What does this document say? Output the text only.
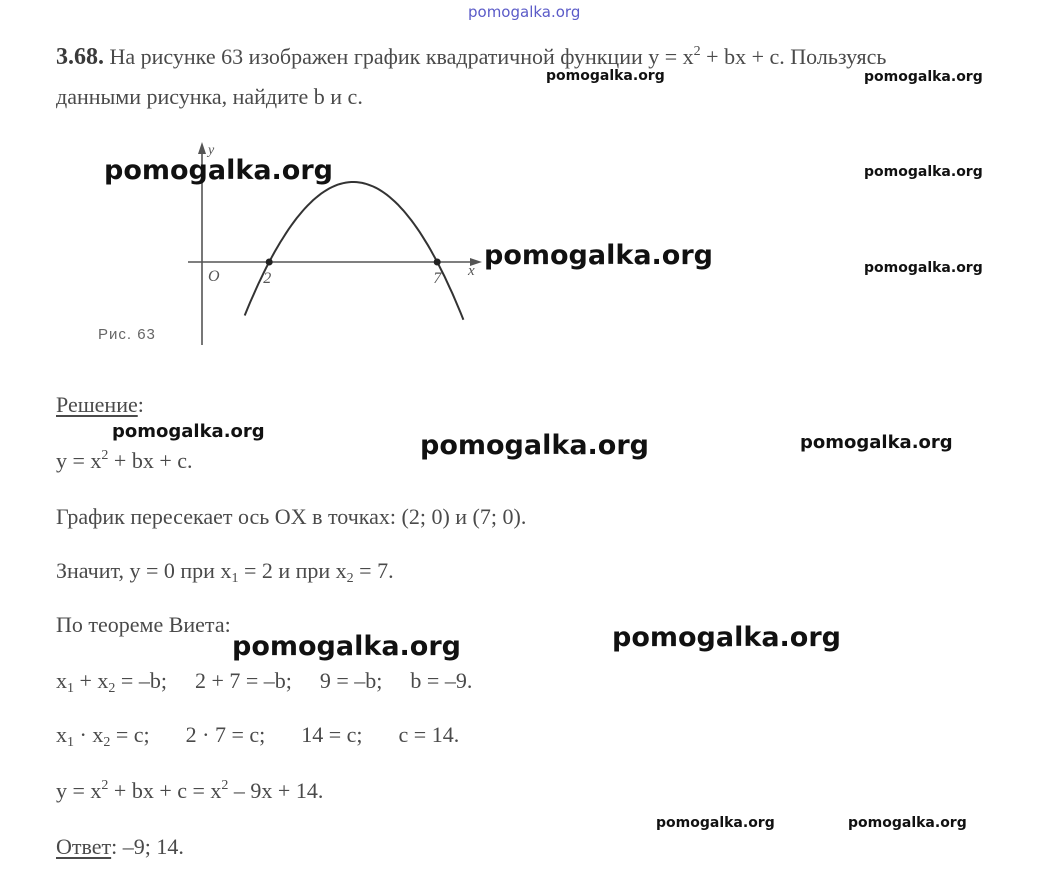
pomogalka.org
3.68. На рисунке 63 изображен график квадратичной функции $y = x^2$ + bx + c. Пользуясь
данными рисунка, найдите b и c.
y
x
O	2	7
Рис. 63
Решение:
$y = x^2$ + bx + c.
График пересекает ось OX в точках: (2; 0) и (7; 0).
Значит, y = 0 при $x_1 = 2$ и при $x_2 = 7$.
По теореме Виета:
$x_1 + x_2 = -b$; 2 + 7 = –b; 9 = –b; b = –9.
$x_1 \cdot x_2 = c$; 2 · 7 = c; 14 = c; c = 14.
$y = x^2$ + bx + $c = x^2 - 9x + 14$.
Ответ: –9; 14.
pomogalka.org	pomogalka.org
pomogalka.org	pomogalka.org
pomogalka.org	pomogalka.org
pomogalka.org	pomogalka.org	pomogalka.org
pomogalka.org	pomogalka.org
pomogalka.org	pomogalka.org
